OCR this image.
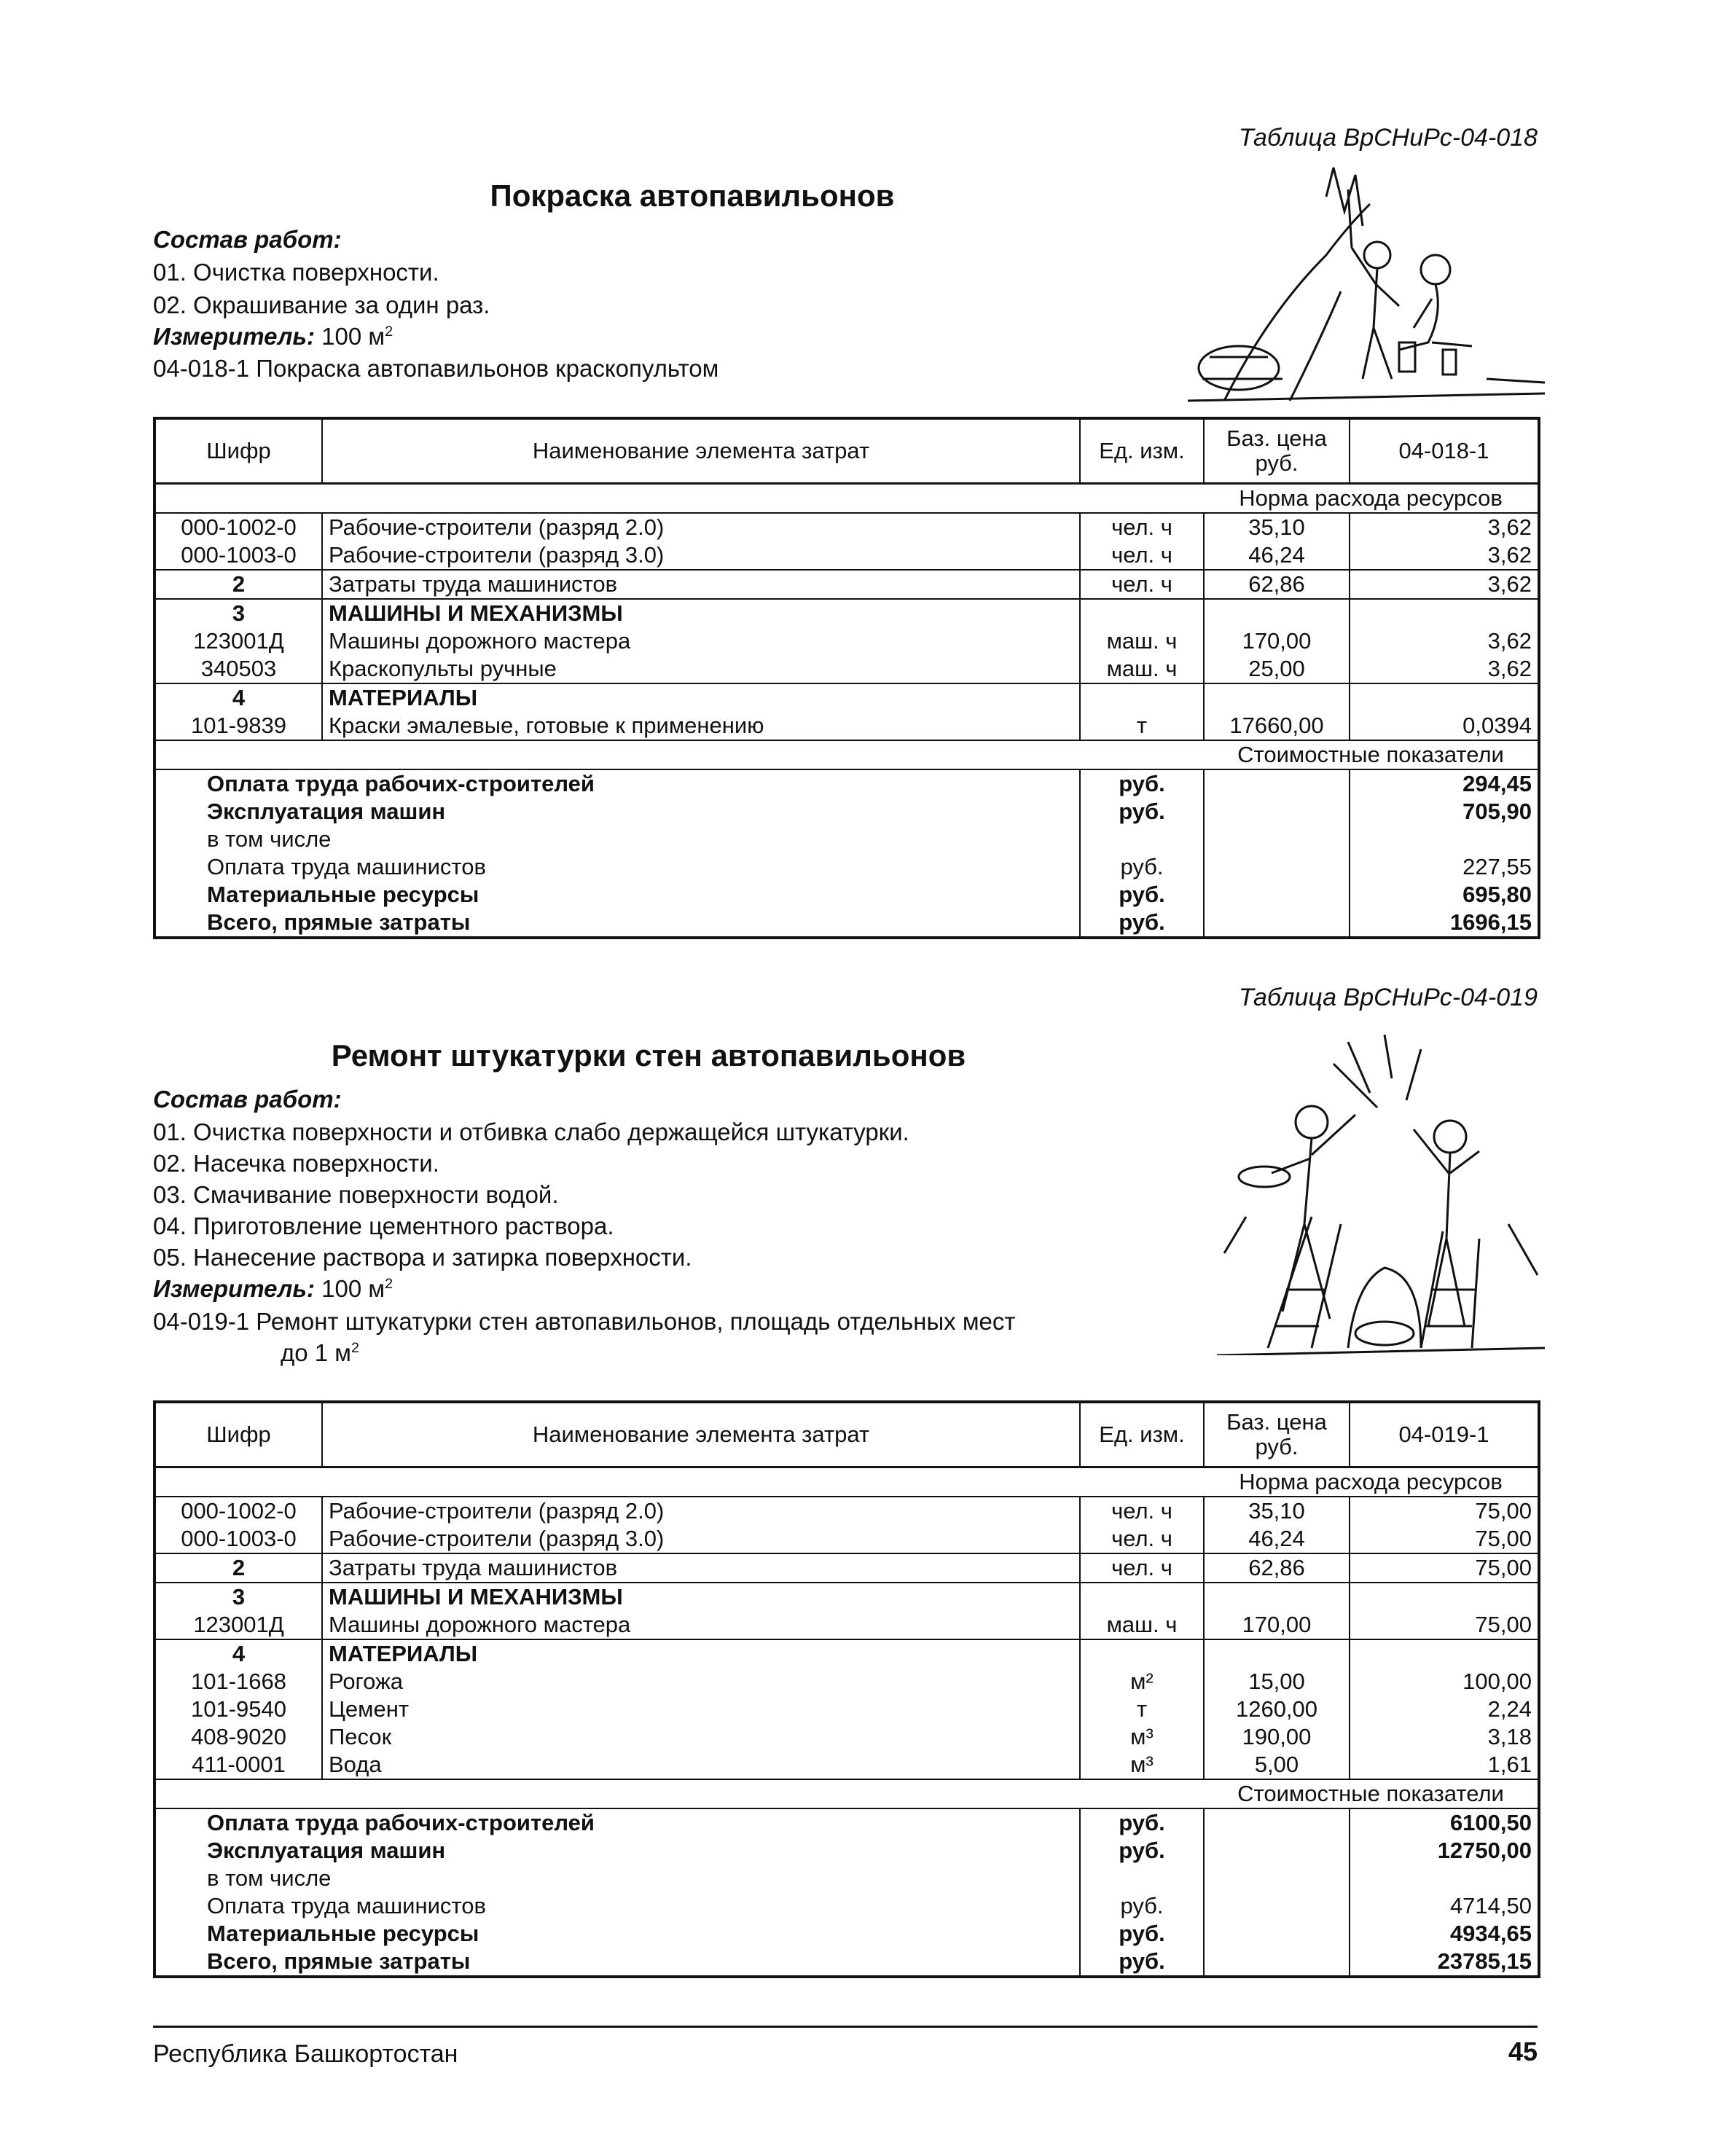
Таблица ВрСНиРс-04-018
Покраска автопавильонов
Состав работ:
01. Очистка поверхности.
02. Окрашивание за один раз.
Измеритель: 100 $м^2$
04-018-1 Покраска автопавильонов краскопультом
Шифр	Наименование элемента затрат	Ед. изм.	Баз. цена руб.	04-018-1
			Норма расхода ресурсов	
000-1002-0	Рабочие-строители (разряд 2.0)	чел. ч	35,10	3,62
000-1003-0	Рабочие-строители (разряд 3.0)	чел. ч	46,24	3,62
2	Затраты труда машинистов	чел. ч	62,86	3,62
3	МАШИНЫ И МЕХАНИЗМЫ			
123001Д	Машины дорожного мастера	маш. ч	170,00	3,62
340503	Краскопульты ручные	маш. ч	25,00	3,62
4	МАТЕРИАЛЫ			
101-9839	Краски эмалевые, готовые к применению	т	17660,00	0,0394
			Стоимостные показатели	
Оплата труда рабочих-строителей		руб.		294,45
Эксплуатация машин		руб.		705,90
в том числе				
Оплата труда машинистов		руб.		227,55
Материальные ресурсы		руб.		695,80
Всего, прямые затраты		руб.		1696,15
Таблица ВрСНиРс-04-019
Ремонт штукатурки стен автопавильонов
Состав работ:
01. Очистка поверхности и отбивка слабо держащейся штукатурки.
02. Насечка поверхности.
03. Смачивание поверхности водой.
04. Приготовление цементного раствора.
05. Нанесение раствора и затирка поверхности.
Измеритель: 100 $м^2$
04-019-1 Ремонт штукатурки стен автопавильонов, площадь отдельных мест
до 1 $м^2$
Шифр	Наименование элемента затрат	Ед. изм.	Баз. цена руб.	04-019-1
			Норма расхода ресурсов	
000-1002-0	Рабочие-строители (разряд 2.0)	чел. ч	35,10	75,00
000-1003-0	Рабочие-строители (разряд 3.0)	чел. ч	46,24	75,00
2	Затраты труда машинистов	чел. ч	62,86	75,00
3	МАШИНЫ И МЕХАНИЗМЫ			
123001Д	Машины дорожного мастера	маш. ч	170,00	75,00
4	МАТЕРИАЛЫ			
101-1668	Рогожа	м²	15,00	100,00
101-9540	Цемент	т	1260,00	2,24
408-9020	Песок	м³	190,00	3,18
411-0001	Вода	м³	5,00	1,61
			Стоимостные показатели	
Оплата труда рабочих-строителей		руб.		6100,50
Эксплуатация машин		руб.		12750,00
в том числе				
Оплата труда машинистов		руб.		4714,50
Материальные ресурсы		руб.		4934,65
Всего, прямые затраты		руб.		23785,15
Республика Башкортостан	45
